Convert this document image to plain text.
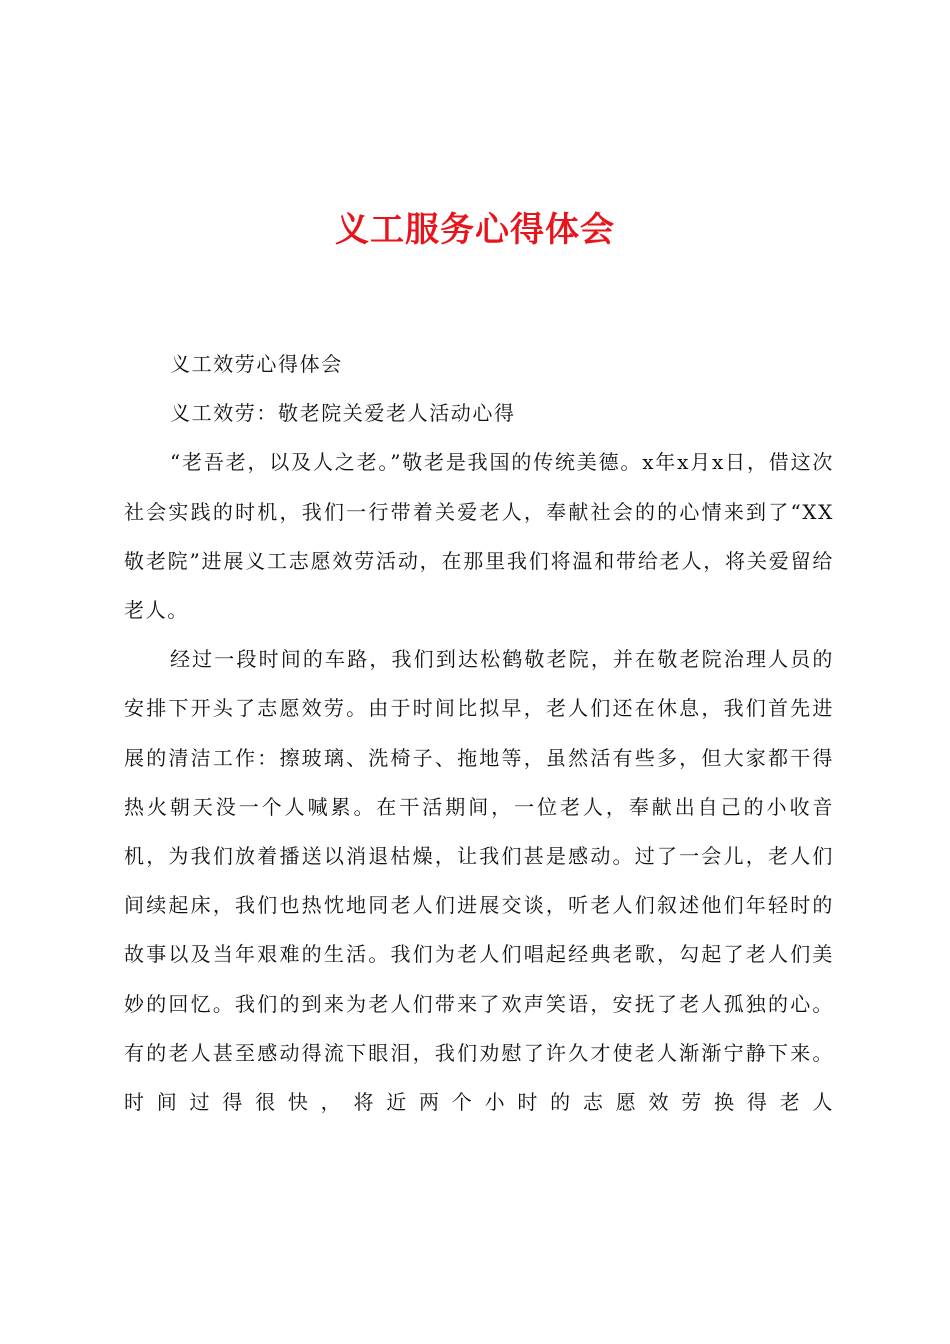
义工服务心得体会

义工效劳心得体会

义工效劳：敬老院关爱老人活动心得

“老吾老，以及人之老。”敬老是我国的传统美德。x年x月x日，借这次社会实践的时机，我们一行带着关爱老人，奉献社会的的心情来到了“XX敬老院”进展义工志愿效劳活动，在那里我们将温和带给老人，将关爱留给老人。

经过一段时间的车路，我们到达松鹤敬老院，并在敬老院治理人员的安排下开头了志愿效劳。由于时间比拟早，老人们还在休息，我们首先进展的清洁工作：擦玻璃、洗椅子、拖地等，虽然活有些多，但大家都干得热火朝天没一个人喊累。在干活期间，一位老人，奉献出自己的小收音机，为我们放着播送以消退枯燥，让我们甚是感动。过了一会儿，老人们间续起床，我们也热忱地同老人们进展交谈，听老人们叙述他们年轻时的故事以及当年艰难的生活。我们为老人们唱起经典老歌，勾起了老人们美妙的回忆。我们的到来为老人们带来了欢声笑语，安抚了老人孤独的心。有的老人甚至感动得流下眼泪，我们劝慰了许久才使老人渐渐宁静下来。时间过得很快，将近两个小时的志愿效劳换得老人
